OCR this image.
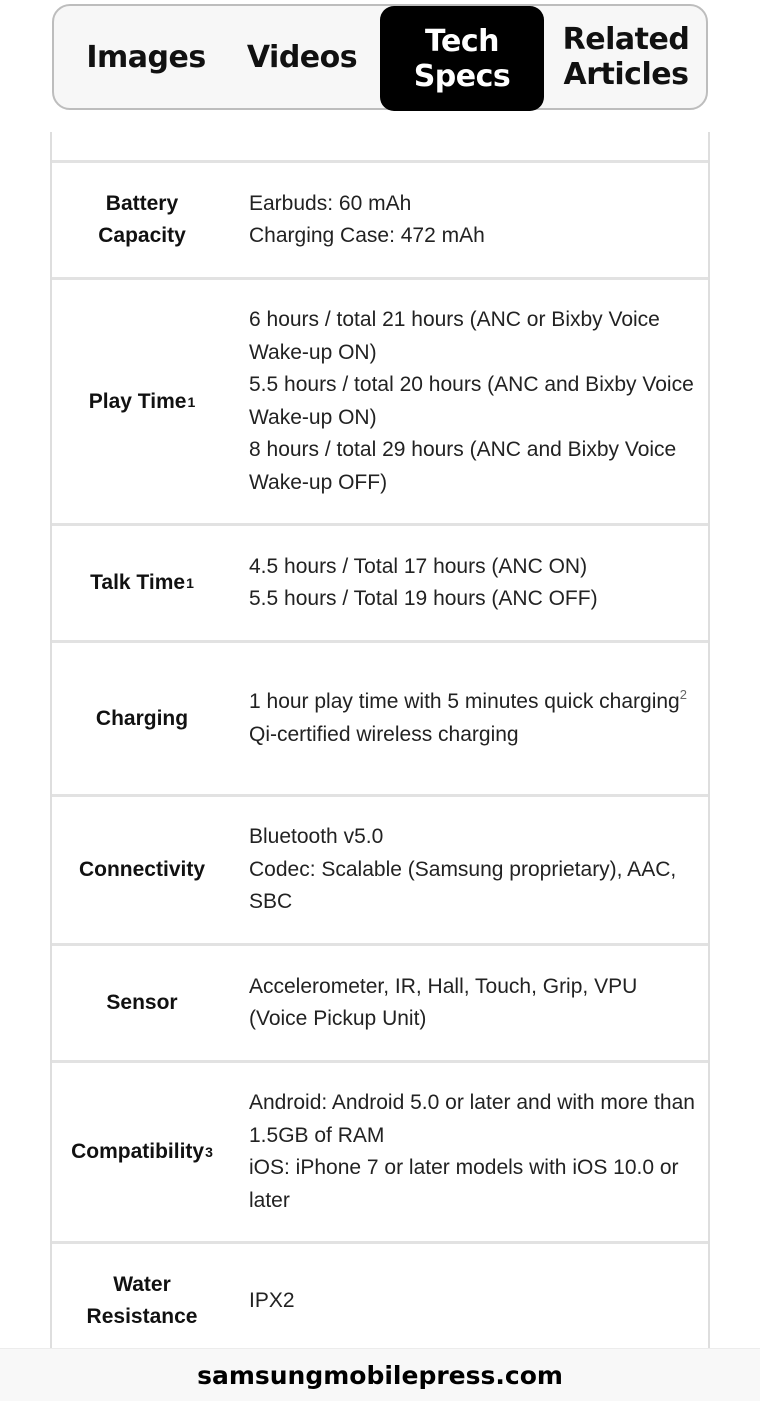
Images Videos	Tech
Specs
Related
Articles
Battery
Capacity
Earbuds: 60 mAh
Charging Case: 472 mAh
Play Time 1
6 hours / total 21 hours (ANC or Bixby Voice Wake-up ON)
5.5 hours / total 20 hours (ANC and Bixby Voice Wake-up ON)
8 hours / total 29 hours (ANC and Bixby Voice Wake-up OFF)
Talk Time 1
4.5 hours / Total 17 hours (ANC ON)
5.5 hours / Total 19 hours (ANC OFF)
Charging
1 hour play time with 5 minutes quick charging$^2$
Qi-certified wireless charging
Connectivity
Bluetooth v5.0
Codec: Scalable (Samsung proprietary), AAC, SBC
Sensor
Accelerometer, IR, Hall, Touch, Grip, VPU (Voice Pickup Unit)
Compatibility 3
Android: Android 5.0 or later and with more than 1.5GB of RAM
iOS: iPhone 7 or later models with iOS 10.0 or later
Water
Resistance
IPX2
samsungmobilepress.com
